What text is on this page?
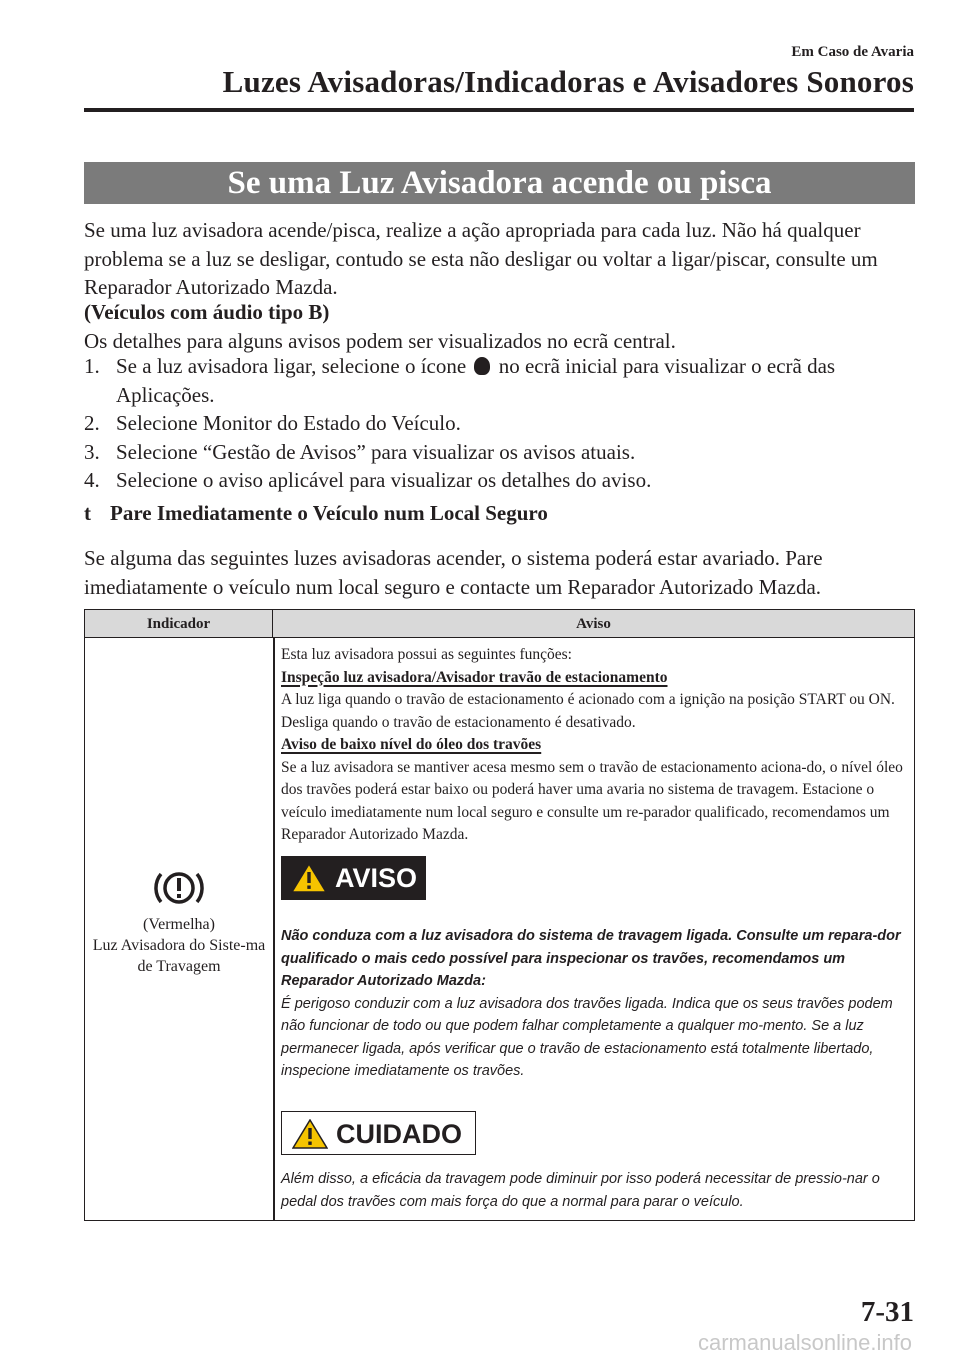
Em Caso de Avaria
Luzes Avisadoras/Indicadoras e Avisadores Sonoros
Se uma Luz Avisadora acende ou pisca
Se uma luz avisadora acende/pisca, realize a ação apropriada para cada luz. Não há qualquer problema se a luz se desligar, contudo se esta não desligar ou voltar a ligar/piscar, consulte um Reparador Autorizado Mazda.
(Veículos com áudio tipo B)
Os detalhes para alguns avisos podem ser visualizados no ecrã central.
1. Se a luz avisadora ligar, selecione o ícone no ecrã inicial para visualizar o ecrã das Aplicações.
2. Selecione Monitor do Estado do Veículo.
3. Selecione “Gestão de Avisos” para visualizar os avisos atuais.
4. Selecione o aviso aplicável para visualizar os detalhes do aviso.
t Pare Imediatamente o Veículo num Local Seguro
Se alguma das seguintes luzes avisadoras acender, o sistema poderá estar avariado. Pare imediatamente o veículo num local seguro e contacte um Reparador Autorizado Mazda.
Indicador	Aviso
(Vermelha)
Luz Avisadora do Siste-ma de Travagem
Esta luz avisadora possui as seguintes funções:
Inspeção luz avisadora/Avisador travão de estacionamento
A luz liga quando o travão de estacionamento é acionado com a ignição na posição START ou ON. Desliga quando o travão de estacionamento é desativado.
Aviso de baixo nível do óleo dos travões
Se a luz avisadora se mantiver acesa mesmo sem o travão de estacionamento aciona-do, o nível óleo dos travões poderá estar baixo ou poderá haver uma avaria no sistema de travagem. Estacione o veículo imediatamente num local seguro e consulte um re-parador qualificado, recomendamos um Reparador Autorizado Mazda.
AVISO
Não conduza com a luz avisadora do sistema de travagem ligada. Consulte um repara-dor qualificado o mais cedo possível para inspecionar os travões, recomendamos um Reparador Autorizado Mazda:
É perigoso conduzir com a luz avisadora dos travões ligada. Indica que os seus travões podem não funcionar de todo ou que podem falhar completamente a qualquer mo-mento. Se a luz permanecer ligada, após verificar que o travão de estacionamento está totalmente libertado, inspecione imediatamente os travões.
CUIDADO
Além disso, a eficácia da travagem pode diminuir por isso poderá necessitar de pressio-nar o pedal dos travões com mais força do que a normal para parar o veículo.
7-31
carmanualsonline.info
